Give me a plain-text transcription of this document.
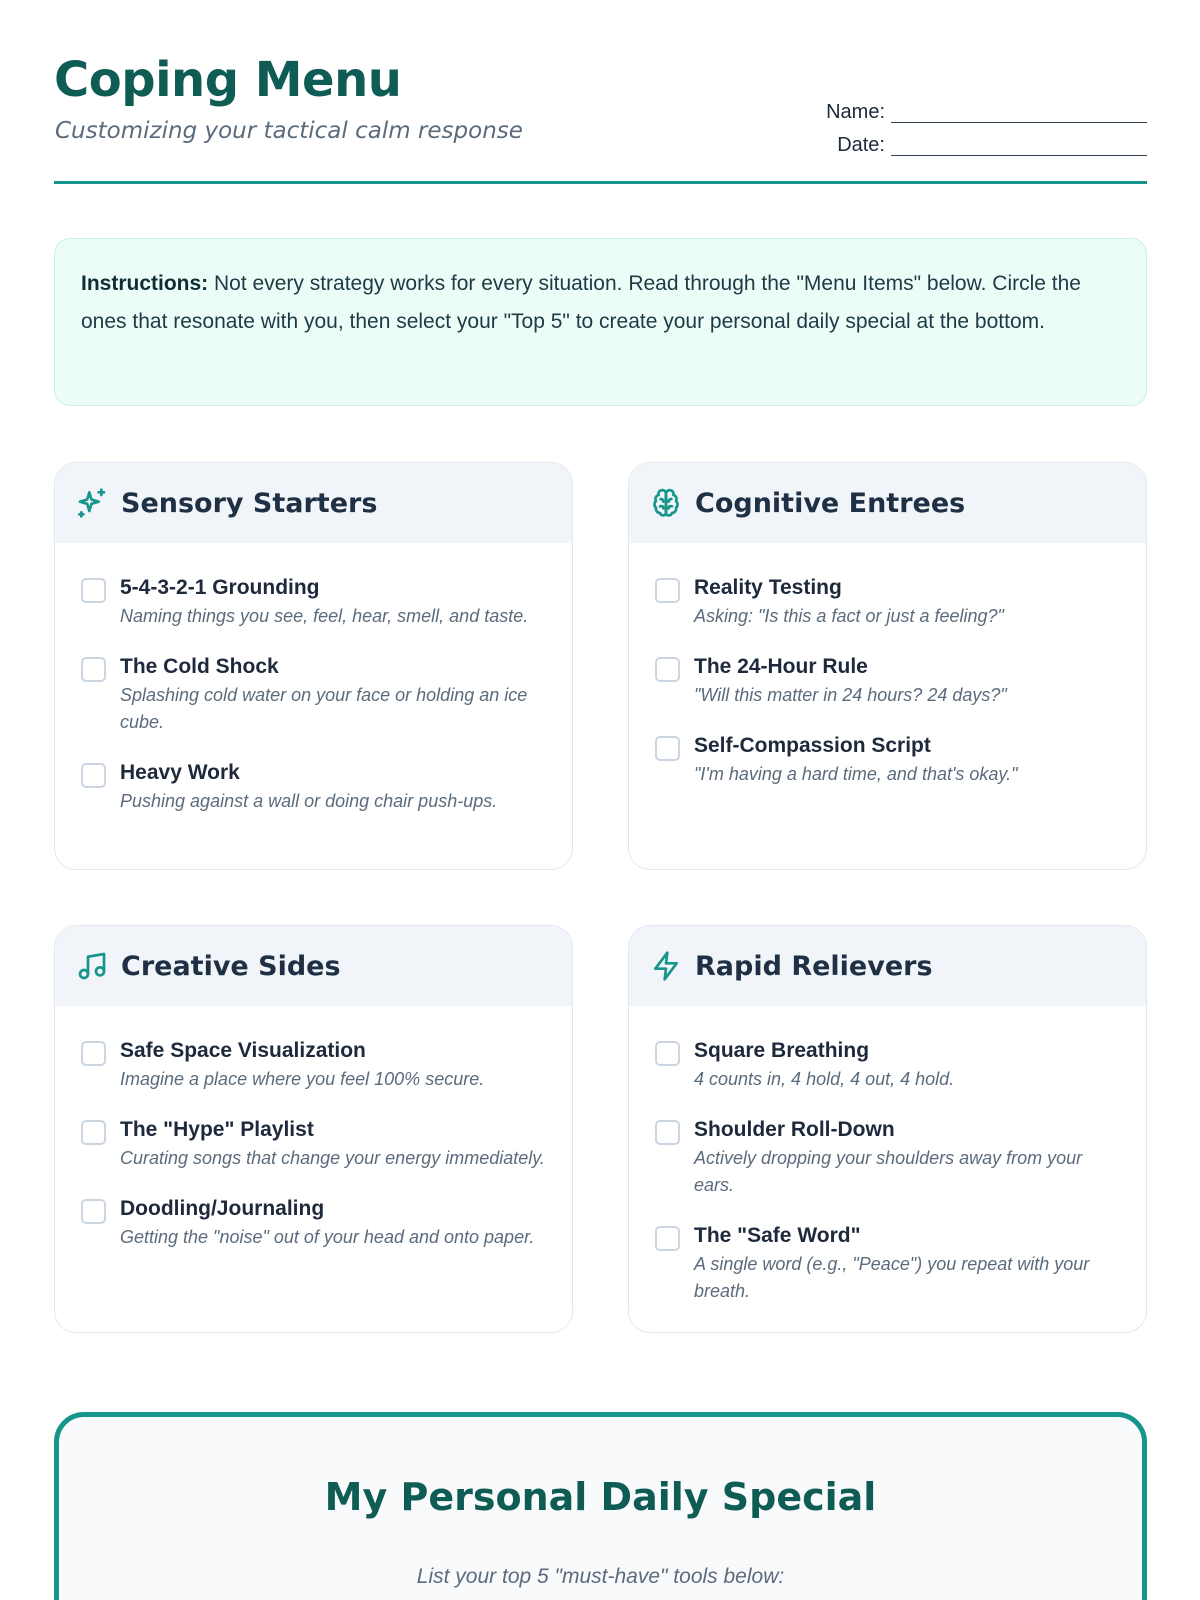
Coping Menu
Customizing your tactical calm response
Name:
Date:
Instructions: Not every strategy works for every situation. Read through the "Menu Items" below. Circle the ones that resonate with you, then select your "Top 5" to create your personal daily special at the bottom.
Sensory Starters
5-4-3-2-1 Grounding
Naming things you see, feel, hear, smell, and taste.
The Cold Shock
Splashing cold water on your face or holding an ice cube.
Heavy Work
Pushing against a wall or doing chair push-ups.
Cognitive Entrees
Reality Testing
Asking: "Is this a fact or just a feeling?"
The 24-Hour Rule
"Will this matter in 24 hours? 24 days?"
Self-Compassion Script
"I'm having a hard time, and that's okay."
Creative Sides
Safe Space Visualization
Imagine a place where you feel 100% secure.
The "Hype" Playlist
Curating songs that change your energy immediately.
Doodling/Journaling
Getting the "noise" out of your head and onto paper.
Rapid Relievers
Square Breathing
4 counts in, 4 hold, 4 out, 4 hold.
Shoulder Roll-Down
Actively dropping your shoulders away from your ears.
The "Safe Word"
A single word (e.g., "Peace") you repeat with your breath.
My Personal Daily Special
List your top 5 "must-have" tools below:
